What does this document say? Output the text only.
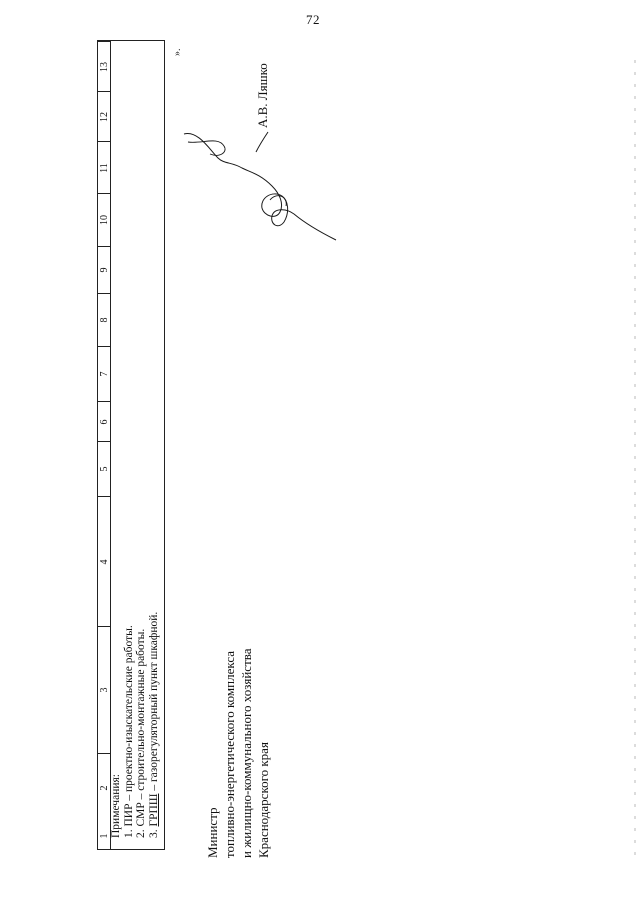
72
1
2
3
4
5
6
7
8
9
10
11
12
13
Примечания: 1. ПИР – проектно-изыскательские работы. 2. СМР – строительно-монтажные работы. 3. ГРПШ – газорегуляторный пункт шкафной.
».
Министр топливно-энергетического комплекса и жилищно-коммунального хозяйства Краснодарского края
А.В. Ляшко
